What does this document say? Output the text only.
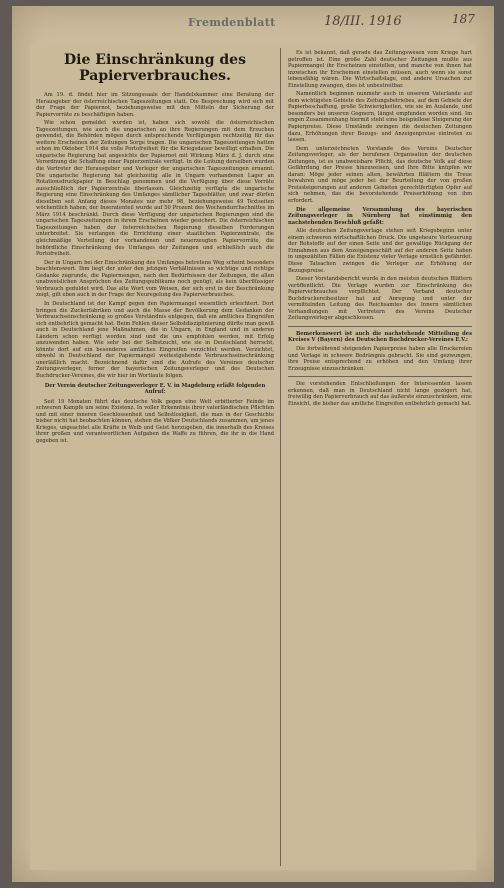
Fremdenblatt	18/III. 1916	187
Die Einschränkung des Papierverbrauches.

Am 19. d. findet hier im Sitzungssaale der Handelskammer eine Beratung der Herausgeber der österreichischen Tageszeitungen statt. Die Besprechung wird sich mit der Frage der Papiernot, beziehungsweise mit den Mitteln der Sicherung der Papiervorräte zu beschäftigen haben.

Wie schon gemeldet worden ist, haben sich sowohl die österreichischen Tageszeitungen, wie auch die ungarischen an ihre Regierungen mit dem Ersuchen gewendet, die Behörden mögen durch entsprechende Verfügungen rechtzeitig für das weitere Erscheinen der Zeitungen Sorge tragen. Die ungarischen Tageszeitungen hatten schon im Oktober 1914 die volle Portofreiheit für die Kriegsdauer bewilligt erhalten. Die ungarische Regierung hat angesichts der Papiernot mit Wirkung März d. J. durch eine Verordnung die Schaffung einer Papierzentrale verfügt. In die Leitung derselben wurden die Vertreter der Herausgeber und Verleger der ungarischen Tageszeitungen ernannt. Die ungarische Regierung hat gleichzeitig alle in Ungarn vorhandenen Lager an Rotationsdruckpapier in Beschlag genommen und die Verfügung über diese Vorräte ausschließlich der Papierzentrale überlassen. Gleichzeitig verfügte die ungarische Regierung eine Einschränkung des Umfanges sämtlicher Tagesblätter, und zwar dürfen dieselben seit Anfang dieses Monates nur mehr 98, beziehungsweise 49 Textseiten wöchentlich haben; der Inseratenteil wurde auf 50 Prozent des Wochendurchschnittes im März 1914 beschränkt. Durch diese Verfügung der ungarischen Regierungen sind die ungarischen Tageszeitungen in ihrem Erscheinen wieder gesichert. Die österreichischen Tageszeitungen haben der österreichischen Regierung dieselben Forderungen unterbreitet. Sie verlangen die Errichtung einer staatlichen Papierzentrale, die gleichmäßige Verteilung der vorhandenen und neuerzeugten Papiervorräte, die behördliche Einschränkung des Umfanges der Zeitungen und schließlich auch die Portofreiheit.

Der in Ungarn bei der Einschränkung des Umfanges betretene Weg scheint besonders beachtenswert. Ihm liegt der unter den jetzigen Verhältnissen so wichtige und richtige Gedanke zugrunde, die Papiermengen, nach den Bedürfnissen der Zeitungen, die allen unabweislichen Ansprüchen des Zeitungspublikums noch genügt, als kein überflüssiger Verbrauch geduldet wird. Das alte Wort vom Weisen, der sich erst in der Beschränkung zeigt, gilt eben auch in der Frage der Neuregelung des Papierverbrauches.

In Deutschland ist der Kampf gegen den Papiermangel wesentlich erleichtert. Dort bringen die Zuckerfabriken und auch die Masse der Bevölkerung dem Gedanken der Verbrauchseinschränkung so großes Verständnis entgegen, daß ein amtliches Eingreifen sich entbehrlich gemacht hat. Beim Fehlen dieser Selbstdisziplinierung dürfte man gewiß auch in Deutschland jene Maßnahmen, die in Ungarn, in England und in anderen Ländern schon verfügt worden sind und die uns empfohlen werden, mit Erfolg anzuwenden haben. Wie sehr bei der Selbstzucht, wie sie in Deutschland herrscht, könnte dort auf ein besonderes amtliches Eingreifen verzichtet werden. Verzichtet, obwohl in Deutschland der Papiermangel weitestgehende Verbrauchseinschränkung unerläßlich macht. Bezeichnend dafür sind die Aufrufe des Vereines deutscher Zeitungsverleger, ferner der bayerischen Zeitungsverleger und des Deutschen Buchdrucker-Vereines, die wir hier im Wortlaute folgen.

Der Verein deutscher Zeitungsverleger E. V. in Magdeburg erläßt folgenden Aufruf:

Seit 19 Monaten führt das deutsche Volk gegen eine Welt erbitterter Feinde im schweren Kampfe um seine Existenz. In voller Erkenntnis ihrer vaterländischen Pflichten und mit einer inneren Geschlossenheit und Selbstlosigkeit, die man in der Geschichte bisher nicht hat beobachten können, stehen die Völker Deutschlands zusammen, um jenes Krieges, ungeachtet alle Kräfte in Weib und Geist herzugeben, die innerhalb des Kreises ihrer großen und verantwortlichen Aufgaben die Waffe zu führen, die ihr in die Hand gegeben ist.

Es ist bekannt, daß gerade das Zeitungswesen vom Kriege hart getroffen ist. Eine große Zahl deutscher Zeitungen mußte aus Papiermangel ihr Erscheinen einstellen, und manche von ihnen hat inzwischen ihr Erscheinen einstellen müssen, auch wenn sie sonst lebensfähig wären. Die Wirtschaftslage, und andere Ursachen zur Einstellung zwangen, dies ist unbestreitbar.

Namentlich beginnen nunmehr auch in unserem Vaterlande auf dem wichtigsten Gebiete des Zeitungsbetriebes, auf dem Gebiete der Papierbeschaffung, große Schwierigkeiten, wie sie im Auslande, und besonders bei unseren Gegnern, längst empfunden worden sind. Im engen Zusammenhang hiermit steht eine beispiellose Steigerung der Papierpreise. Diese Umstände zwingen die deutschen Zeitungen dazu, Erhöhungen ihrer Bezugs- und Anzeigenpreise eintreten zu lassen.

Dem unterzeichneten Vorstande des Vereins Deutscher Zeitungsverleger, als der berufenen Organisation der deutschen Zeitungen, ist es unabweisbare Pflicht, das deutsche Volk auf diese Gefährdung der Presse hinzuweisen, und Ihre Bitte knüpfen wir daran: Möge jeder seinen alten, bewährten Blättern die Treue bewahren und möge jeder bei der Beurteilung der von großen Preissteigerungen auf anderen Gebieten gerechtfertigten Opfer auf sich nehmen, das die bevorstehende Preiserhöhung von ihm erfordert.

Die allgemeine Versammlung des bayerischen Zeitungsverleger in Nürnberg hat einstimmig den nachstehenden Beschluß gefaßt:

Alle deutschen Zeitungsverlage stehen seit Kriegsbeginn unter einem schweren wirtschaftlichen Druck. Die ungeheure Verteuerung der Rohstoffe auf der einen Seite und der gewaltige Rückgang der Einnahmen aus dem Anzeigengeschäft auf der anderen Seite haben in ungezählten Fällen die Existenz vieler Verlage ernstlich gefährdet. Diese Tatsachen zwingen die Verleger zur Erhöhung der Bezugspreise.

Dieser Vorstandsbericht wurde in den meisten deutschen Blättern veröffentlicht. Die Verlage wurden zur Einschränkung des Papierverbrauches verpflichtet. Der Verband deutscher Buchdruckereibesitzer hat auf Anregung und unter der vermittelnden Leitung des Reichsamtes des Innern sämtlichen Verhandlungen mit Vertretern des Vereins Deutscher Zeitungsverleger abgeschlossen.

Bemerkenswert ist auch die nachstehende Mitteilung des Kreises V (Bayern) des Deutschen Buchdrucker-Vereines E.V.:

Die fortwährend steigenden Papierpreise haben alle Druckereien und Verlage in schwere Bedrängnis gebracht. Sie sind gezwungen, ihre Preise entsprechend zu erhöhen und den Umfang ihrer Erzeugnisse einzuschränken.

Die vorstehenden Entschließungen der Interessenten lassen erkennen, daß man in Deutschland nicht lange gezögert hat, freiwillig den Papierverbrauch auf das äußerste einzuschränken, eine Einsicht, die bisher das amtliche Eingreifen entbehrlich gemacht hat.
